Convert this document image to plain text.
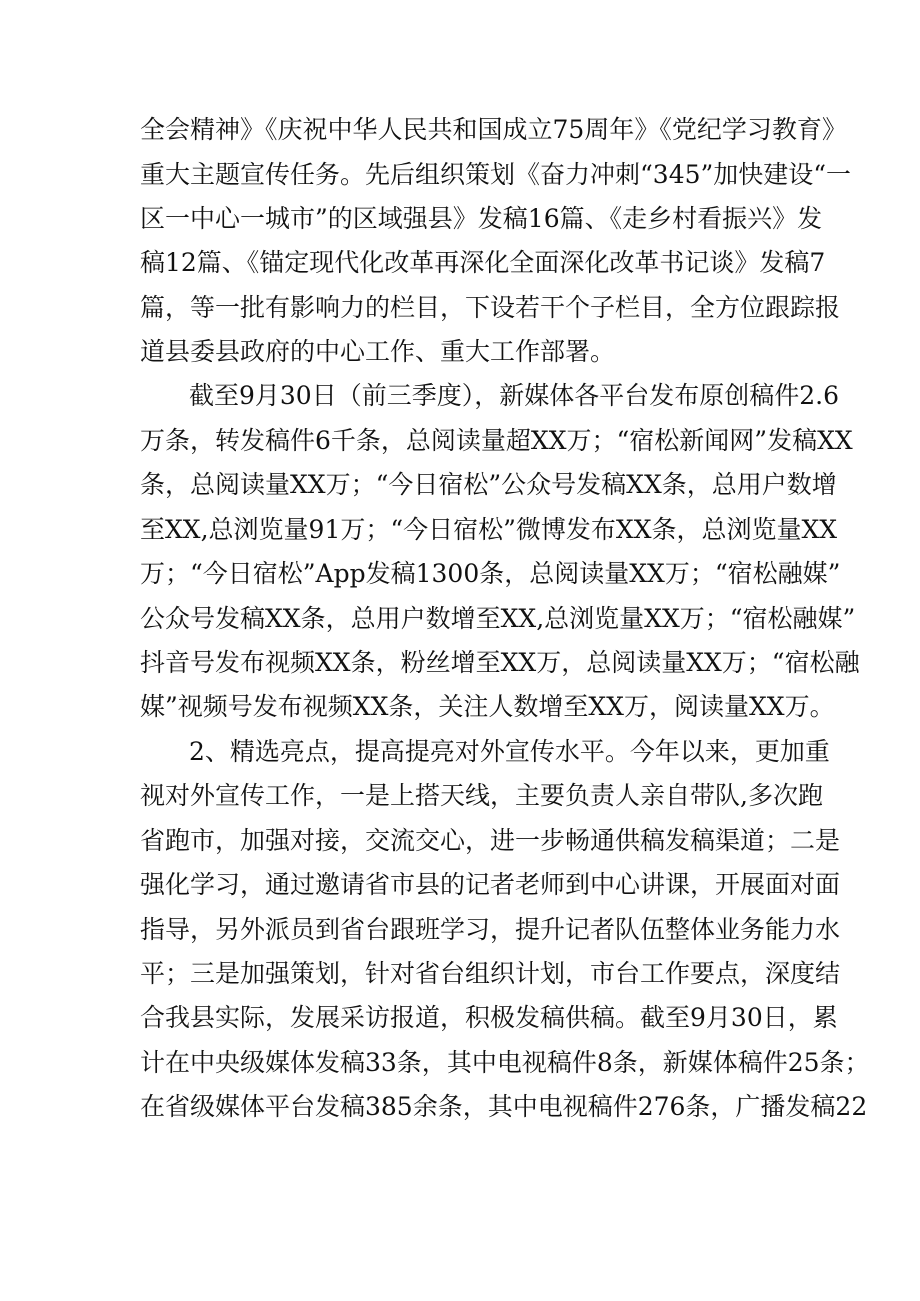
全会精神》《庆祝中华人民共和国成立75周年》《党纪学习教育》
重大主题宣传任务。先后组织策划《奋力冲刺“345”加快建设“一
区一中心一城市”的区域强县》发稿16篇、《走乡村看振兴》发
稿12篇、《锚定现代化改革再深化全面深化改革书记谈》发稿7
篇，等一批有影响力的栏目，下设若干个子栏目，全方位跟踪报
道县委县政府的中心工作、重大工作部署。
截至9月30日（前三季度），新媒体各平台发布原创稿件2.6
万条，转发稿件6千条，总阅读量超XX万；“宿松新闻网”发稿XX
条，总阅读量XX万；“今日宿松”公众号发稿XX条，总用户数增
至XX,总浏览量91万；“今日宿松”微博发布XX条，总浏览量XX
万；“今日宿松”App发稿1300条，总阅读量XX万；“宿松融媒”
公众号发稿XX条，总用户数增至XX,总浏览量XX万；“宿松融媒”
抖音号发布视频XX条，粉丝增至XX万，总阅读量XX万；“宿松融
媒”视频号发布视频XX条，关注人数增至XX万，阅读量XX万。
2、精选亮点，提高提亮对外宣传水平。今年以来，更加重
视对外宣传工作，一是上搭天线，主要负责人亲自带队,多次跑
省跑市，加强对接，交流交心，进一步畅通供稿发稿渠道；二是
强化学习，通过邀请省市县的记者老师到中心讲课，开展面对面
指导，另外派员到省台跟班学习，提升记者队伍整体业务能力水
平；三是加强策划，针对省台组织计划，市台工作要点，深度结
合我县实际，发展采访报道，积极发稿供稿。截至9月30日，累
计在中央级媒体发稿33条，其中电视稿件8条，新媒体稿件25条；
在省级媒体平台发稿385余条，其中电视稿件276条，广播发稿22
